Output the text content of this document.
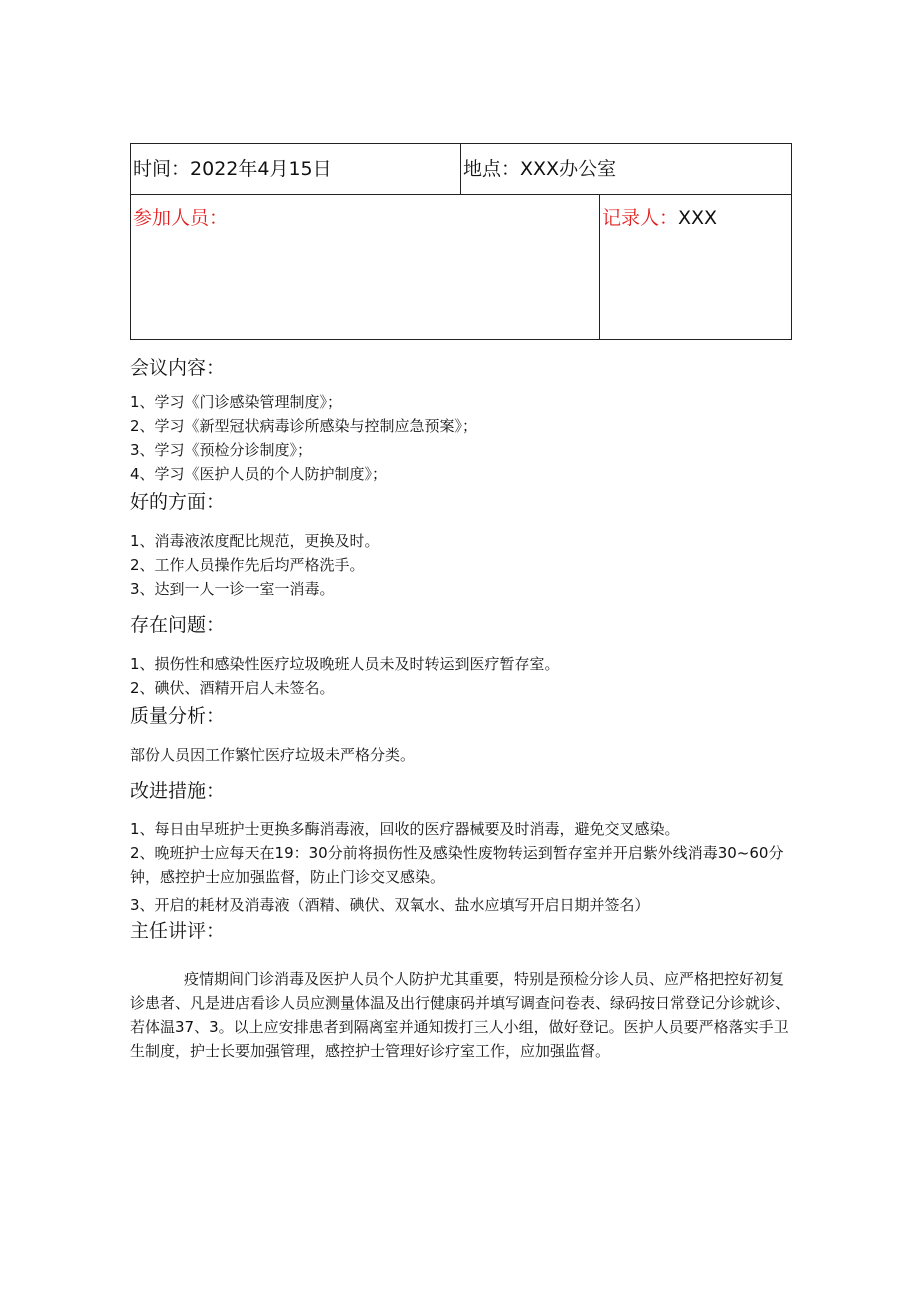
时间：2022年4月15日	地点：XXX办公室
参加人员：	记录人：XXX

会议内容：

1、学习《门诊感染管理制度》；

2、学习《新型冠状病毒诊所感染与控制应急预案》；

3、学习《预检分诊制度》；

4、学习《医护人员的个人防护制度》；

好的方面：

1、消毒液浓度配比规范，更换及时。

2、工作人员操作先后均严格洗手。

3、达到一人一诊一室一消毒。

存在问题：

1、损伤性和感染性医疗垃圾晚班人员未及时转运到医疗暂存室。

2、碘伏、酒精开启人未签名。

质量分析：

部份人员因工作繁忙医疗垃圾未严格分类。

改进措施：

1、每日由早班护士更换多酶消毒液，回收的医疗器械要及时消毒，避免交叉感染。

2、晚班护士应每天在19：30分前将损伤性及感染性废物转运到暂存室并开启紫外线消毒30~60分钟，感控护士应加强监督，防止门诊交叉感染。

3、开启的耗材及消毒液（酒精、碘伏、双氧水、盐水应填写开启日期并签名）

主任讲评：

疫情期间门诊消毒及医护人员个人防护尤其重要，特别是预检分诊人员、应严格把控好初复诊患者、凡是进店看诊人员应测量体温及出行健康码并填写调查问卷表、绿码按日常登记分诊就诊、若体温37、3。以上应安排患者到隔离室并通知拨打三人小组，做好登记。医护人员要严格落实手卫生制度，护士长要加强管理，感控护士管理好诊疗室工作，应加强监督。
